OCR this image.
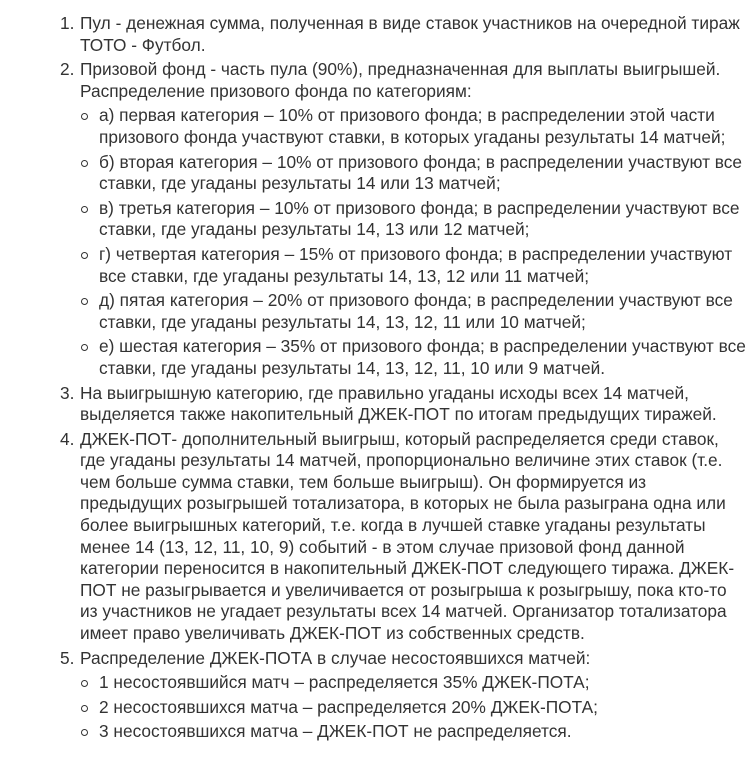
1. Пул - денежная сумма, полученная в виде ставок участников на очередной тираж ТОТО - Футбол.
2. Призовой фонд - часть пула (90%), предназначенная для выплаты выигрышей. Распределение призового фонда по категориям:
а) первая категория – 10% от призового фонда; в распределении этой части призового фонда участвуют ставки, в которых угаданы результаты 14 матчей;
б) вторая категория – 10% от призового фонда; в распределении участвуют все ставки, где угаданы результаты 14 или 13 матчей;
в) третья категория – 10% от призового фонда; в распределении участвуют все ставки, где угаданы результаты 14, 13 или 12 матчей;
г) четвертая категория – 15% от призового фонда; в распределении участвуют все ставки, где угаданы результаты 14, 13, 12 или 11 матчей;
д) пятая категория – 20% от призового фонда; в распределении участвуют все ставки, где угаданы результаты 14, 13, 12, 11 или 10 матчей;
е) шестая категория – 35% от призового фонда; в распределении участвуют все ставки, где угаданы результаты 14, 13, 12, 11, 10 или 9 матчей.
3. На выигрышную категорию, где правильно угаданы исходы всех 14 матчей, выделяется также накопительный ДЖЕК-ПОТ по итогам предыдущих тиражей.
4. ДЖЕК-ПОТ- дополнительный выигрыш, который распределяется среди ставок, где угаданы результаты 14 матчей, пропорционально величине этих ставок (т.е. чем больше сумма ставки, тем больше выигрыш). Он формируется из предыдущих розыгрышей тотализатора, в которых не была разыграна одна или более выигрышных категорий, т.е. когда в лучшей ставке угаданы результаты менее 14 (13, 12, 11, 10, 9) событий - в этом случае призовой фонд данной категории переносится в накопительный ДЖЕК-ПОТ следующего тиража. ДЖЕК-ПОТ не разыгрывается и увеличивается от розыгрыша к розыгрышу, пока кто-то из участников не угадает результаты всех 14 матчей. Организатор тотализатора имеет право увеличивать ДЖЕК-ПОТ из собственных средств.
5. Распределение ДЖЕК-ПОТА в случае несостоявшихся матчей:
1 несостоявшийся матч – распределяется 35% ДЖЕК-ПОТА;
2 несостоявшихся матча – распределяется 20% ДЖЕК-ПОТА;
3 несостоявшихся матча – ДЖЕК-ПОТ не распределяется.
